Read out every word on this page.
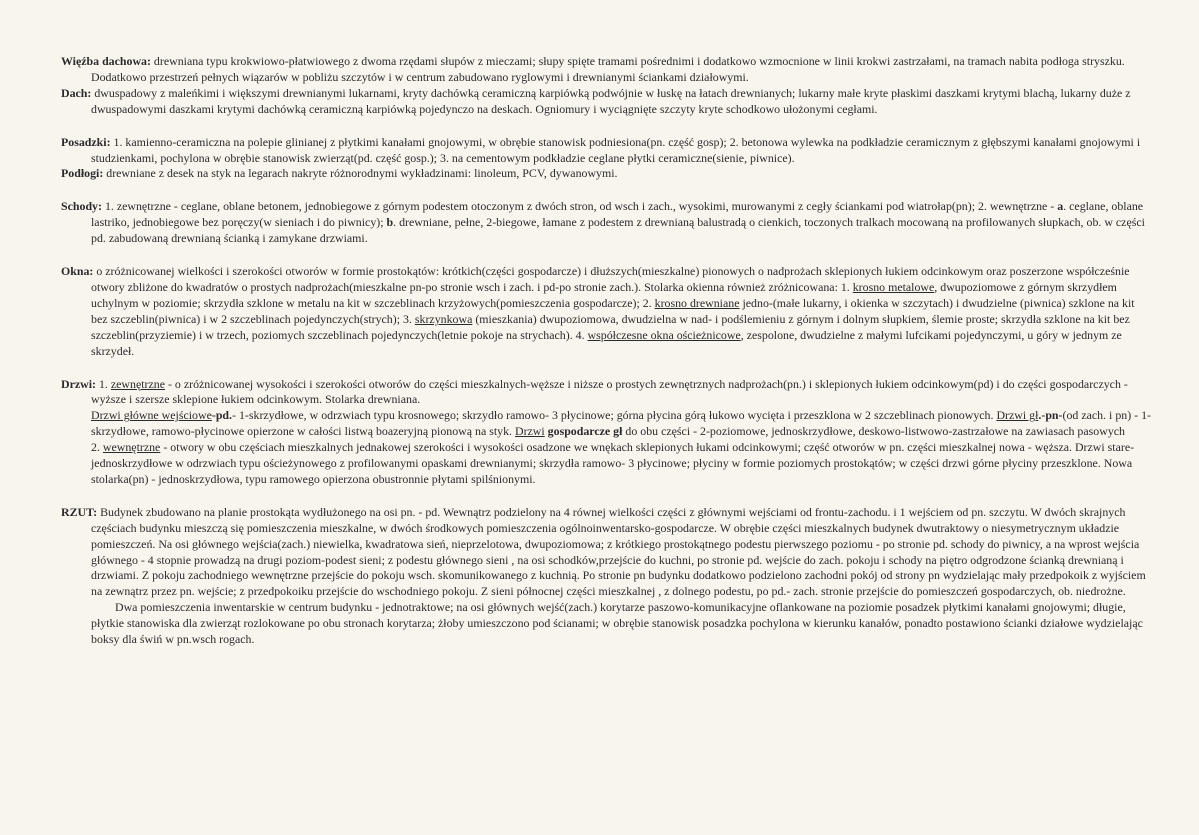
Więźba dachowa: drewniana typu krokwiowo-płatwiowego z dwoma rzędami słupów z mieczami; słupy spięte tramami pośrednimi i dodatkowo wzmocnione w linii krokwi zastrzałami, na tramach nabita podłoga stryszku. Dodatkowo przestrzeń pełnych wiązarów w pobliżu szczytów i w centrum zabudowano ryglowymi i drewnianymi ściankami działowymi.

Dach: dwuspadowy z maleńkimi i większymi drewnianymi lukarnami, kryty dachówką ceramiczną karpiówką podwójnie w łuskę na łatach drewnianych; lukarny małe kryte płaskimi daszkami krytymi blachą, lukarny duże z dwuspadowymi daszkami krytymi dachówką ceramiczną karpiówką pojedynczo na deskach. Ogniomury i wyciągnięte szczyty kryte schodkowo ułożonymi cegłami.

Posadzki: 1. kamienno-ceramiczna na polepie glinianej z płytkimi kanałami gnojowymi, w obrębie stanowisk podniesiona(pn. część gosp); 2. betonowa wylewka na podkładzie ceramicznym z głębszymi kanałami gnojowymi i studzienkami, pochylona w obrębie stanowisk zwierząt(pd. część gosp.); 3. na cementowym podkładzie ceglane płytki ceramiczne(sienie, piwnice).

Podłogi: drewniane z desek na styk na legarach nakryte różnorodnymi wykładzinami: linoleum, PCV, dywanowymi.

Schody: 1. zewnętrzne - ceglane, oblane betonem, jednobiegowe z górnym podestem otoczonym z dwóch stron, od wsch i zach., wysokimi, murowanymi z cegły ściankami pod wiatrołap(pn); 2. wewnętrzne - a. ceglane, oblane lastriko, jednobiegowe bez poręczy(w sieniach i do piwnicy); b. drewniane, pełne, 2-biegowe, łamane z podestem z drewnianą balustradą o cienkich, toczonych tralkach mocowaną na profilowanych słupkach, ob. w części pd. zabudowaną drewnianą ścianką i zamykane drzwiami.

Okna: o zróżnicowanej wielkości i szerokości otworów w formie prostokątów: krótkich(części gospodarcze) i dłuższych(mieszkalne) pionowych o nadprożach sklepionych łukiem odcinkowym oraz poszerzone współcześnie otwory zbliżone do kwadratów o prostych nadprożach(mieszkalne pn-po stronie wsch i zach. i pd-po stronie zach.). Stolarka okienna również zróżnicowana: 1. krosno metalowe, dwupoziomowe z górnym skrzydłem uchylnym w poziomie; skrzydła szklone w metalu na kit w szczeblinach krzyżowych(pomieszczenia gospodarcze); 2. krosno drewniane jedno-(małe lukarny, i okienka w szczytach) i dwudzielne (piwnica) szklone na kit bez szczeblin(piwnica) i w 2 szczeblinach pojedynczych(strych); 3. skrzynkowa (mieszkania) dwupoziomowa, dwudzielna w nad- i podślemieniu z górnym i dolnym słupkiem, ślemie proste; skrzydła szklone na kit bez szczeblin(przyziemie) i w trzech, poziomych szczeblinach pojedynczych(letnie pokoje na strychach). 4. współczesne okna ościeżnicowe, zespolone, dwudzielne z małymi lufcikami pojedynczymi, u góry w jednym ze skrzydeł.

Drzwi: 1. zewnętrzne - o zróżnicowanej wysokości i szerokości otworów do części mieszkalnych-węższe i niższe o prostych zewnętrznych nadprożach(pn.) i sklepionych łukiem odcinkowym(pd) i do części gospodarczych - wyższe i szersze sklepione łukiem odcinkowym. Stolarka drewniana.

Drzwi główne wejściowe-pd.- 1-skrzydłowe, w odrzwiach typu krosnowego; skrzydło ramowo- 3 płycinowe; górna płycina górą łukowo wycięta i przeszklona w 2 szczeblinach pionowych. Drzwi gł.-pn-(od zach. i pn) - 1-skrzydłowe, ramowo-płycinowe opierzone w całości listwą boazeryjną pionową na styk. Drzwi gospodarcze gł do obu części - 2-poziomowe, jednoskrzydłowe, deskowo-listwowo-zastrzałowe na zawiasach pasowych

2. wewnętrzne - otwory w obu częściach mieszkalnych jednakowej szerokości i wysokości osadzone we wnękach sklepionych łukami odcinkowymi; część otworów w pn. części mieszkalnej nowa - węższa. Drzwi stare- jednoskrzydłowe w odrzwiach typu ościeżynowego z profilowanymi opaskami drewnianymi; skrzydła ramowo- 3 płycinowe; płyciny w formie poziomych prostokątów; w części drzwi górne płyciny przeszklone. Nowa stolarka(pn) - jednoskrzydłowa, typu ramowego opierzona obustronnie płytami spilśnionymi.

RZUT: Budynek zbudowano na planie prostokąta wydłużonego na osi pn. - pd. Wewnątrz podzielony na 4 równej wielkości części z głównymi wejściami od frontu-zachodu. i 1 wejściem od pn. szczytu. W dwóch skrajnych częściach budynku mieszczą się pomieszczenia mieszkalne, w dwóch środkowych pomieszczenia ogólnoinwentarsko-gospodarcze. W obrębie części mieszkalnych budynek dwutraktowy o niesymetrycznym układzie pomieszczeń. Na osi głównego wejścia(zach.) niewielka, kwadratowa sień, nieprzelotowa, dwupoziomowa; z krótkiego prostokątnego podestu pierwszego poziomu - po stronie pd. schody do piwnicy, a na wprost wejścia głównego - 4 stopnie prowadzą na drugi poziom-podest sieni; z podestu głównego sieni , na osi schodków,przejście do kuchni, po stronie pd. wejście do zach. pokoju i schody na piętro odgrodzone ścianką drewnianą i drzwiami. Z pokoju zachodniego wewnętrzne przejście do pokoju wsch. skomunikowanego z kuchnią. Po stronie pn budynku dodatkowo podzielono zachodni pokój od strony pn wydzielając mały przedpokoik z wyjściem na zewnątrz przez pn. wejście; z przedpokoiku przejście do wschodniego pokoju. Z sieni północnej części mieszkalnej , z dolnego podestu, po pd.- zach. stronie przejście do pomieszczeń gospodarczych, ob. niedrożne.

Dwa pomieszczenia inwentarskie w centrum budynku - jednotraktowe; na osi głównych wejść(zach.) korytarze paszowo-komunikacyjne oflankowane na poziomie posadzek płytkimi kanałami gnojowymi; długie, płytkie stanowiska dla zwierząt rozlokowane po obu stronach korytarza; żłoby umieszczono pod ścianami; w obrębie stanowisk posadzka pochylona w kierunku kanałów, ponadto postawiono ścianki działowe wydzielając boksy dla świń w pn.wsch rogach.
